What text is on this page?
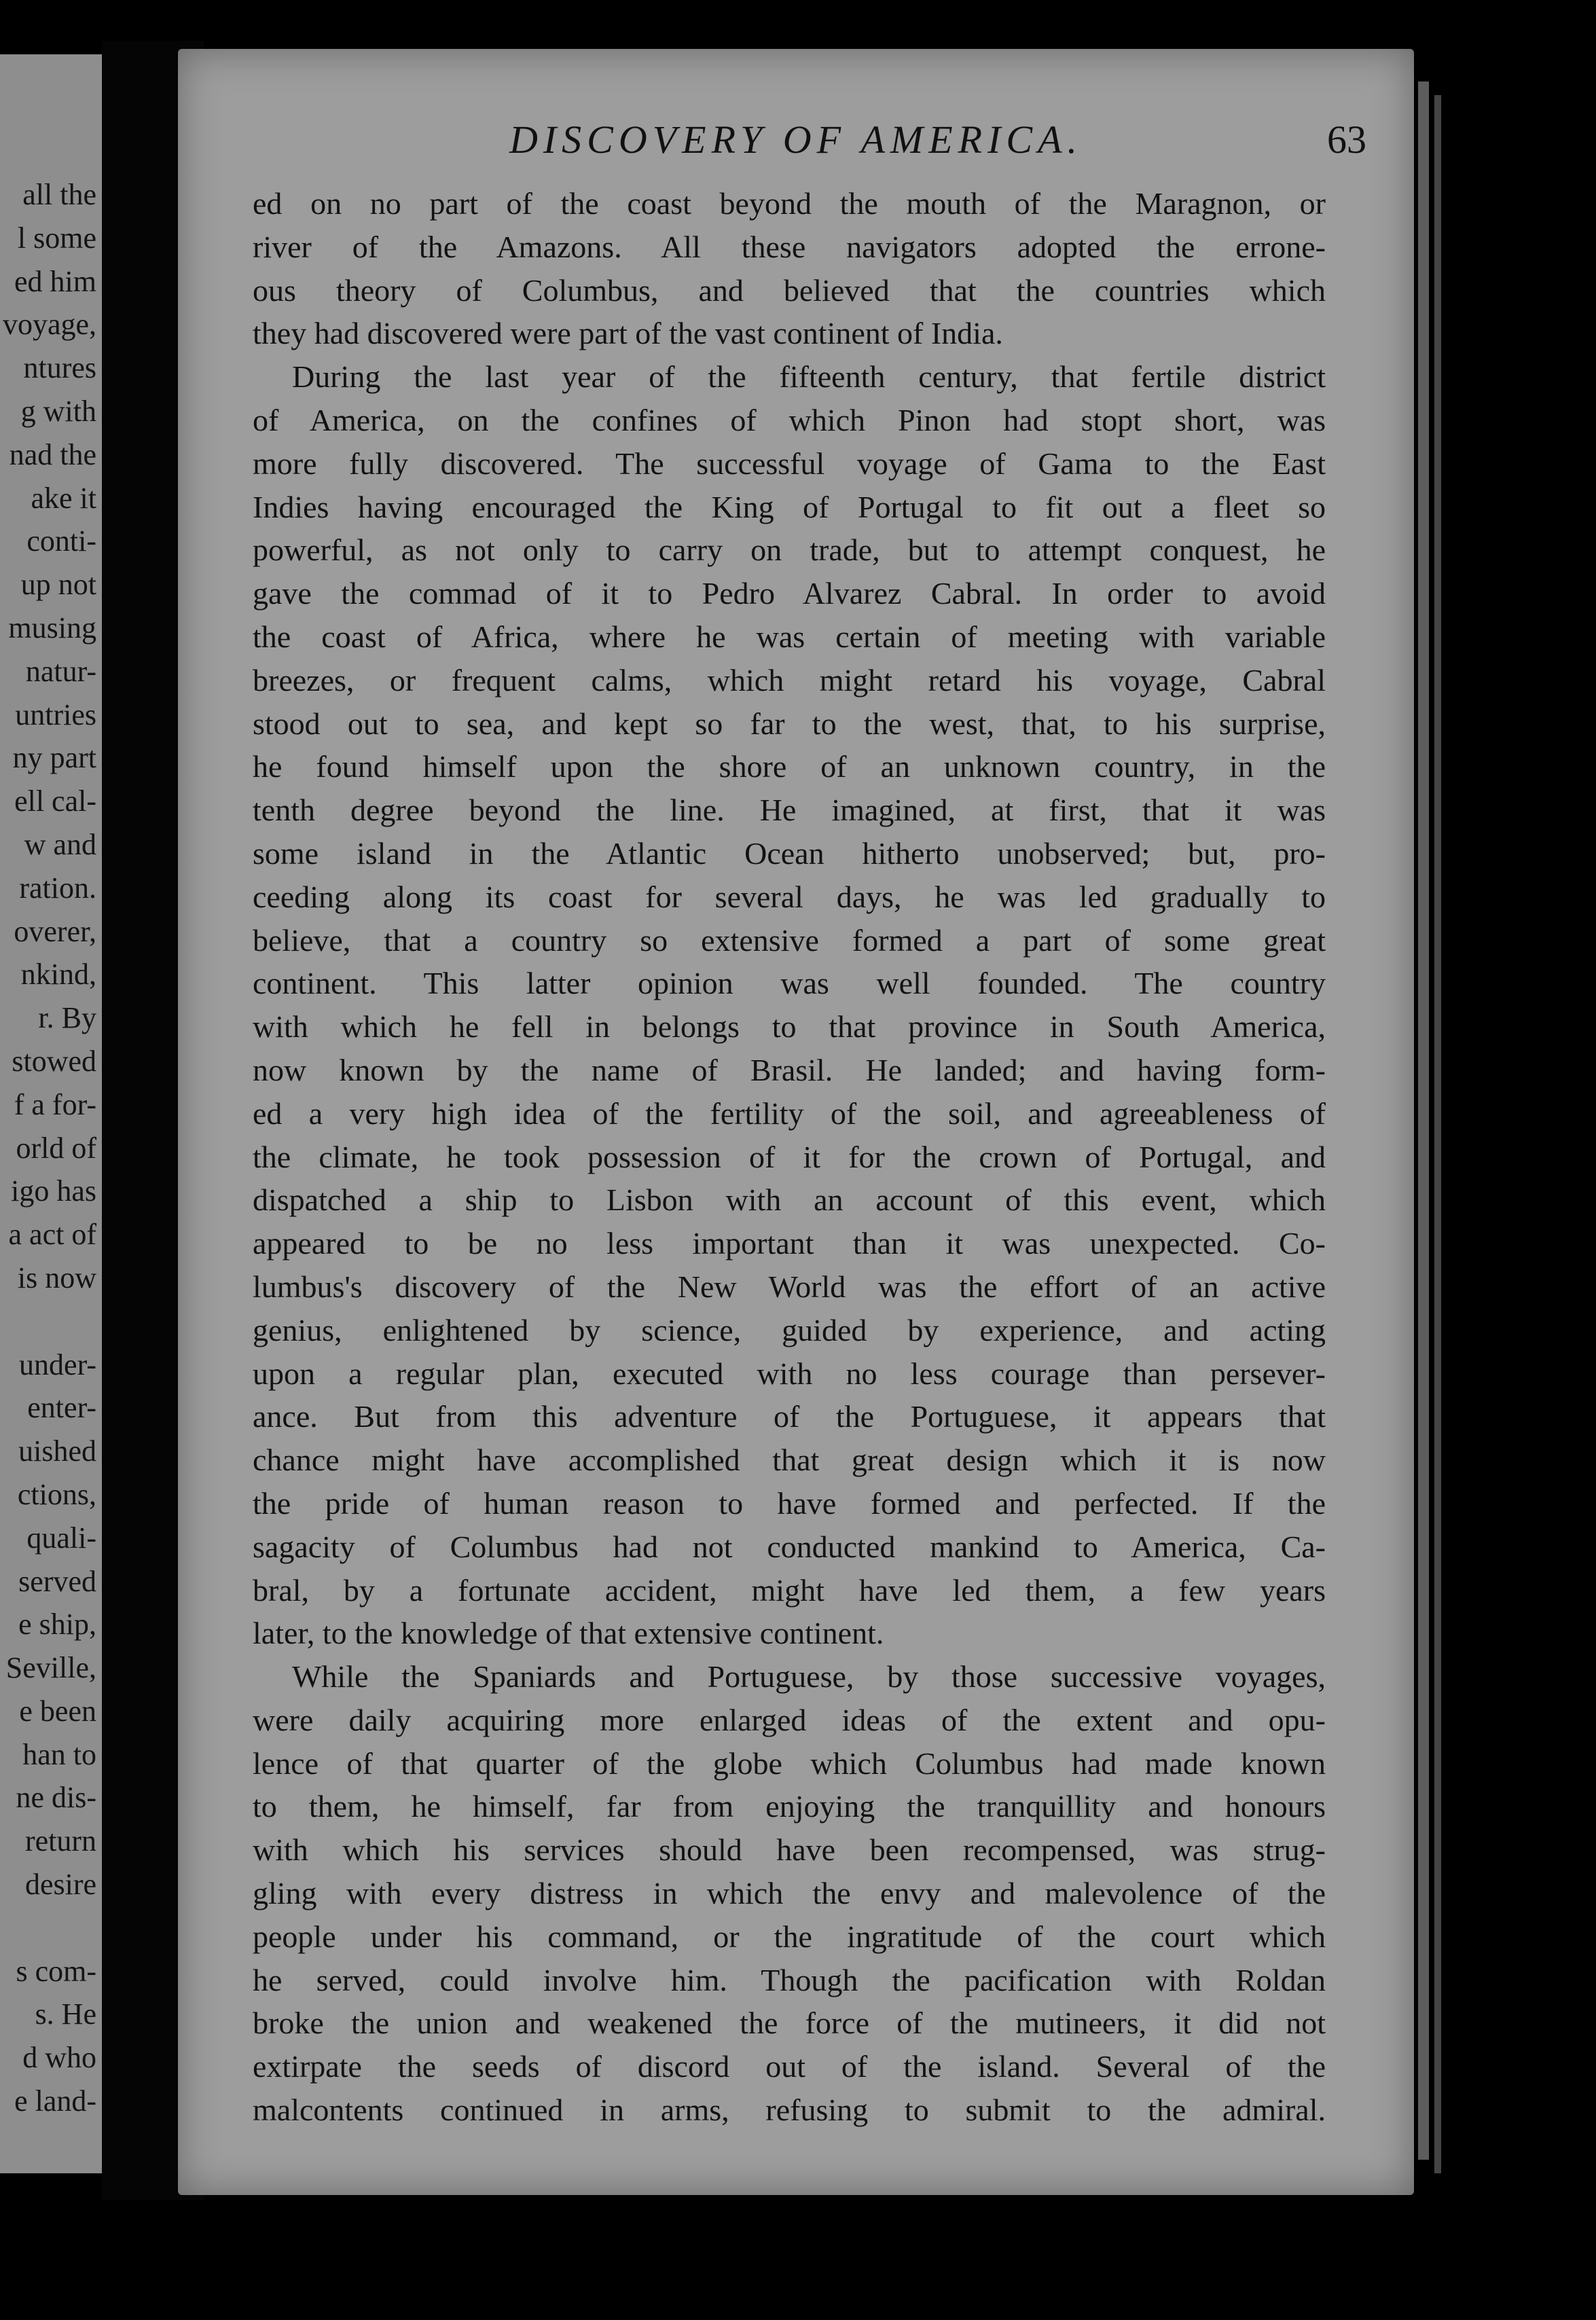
all the
l some
ed him
voyage,
ntures
g with
nad the
ake it
conti-
up not
musing
natur-
untries
ny part
ell cal-
w and
ration.
overer,
nkind,
r. By
stowed
f a for-
orld of
igo has
a act of
is now
under-
enter-
uished
ctions,
quali-
served
e ship,
Seville,
e been
han to
ne dis-
return
desire
s com-
s. He
d who
e land-
DISCOVERY OF AMERICA.	63
ed on no part of the coast beyond the mouth of the Maragnon, or
river of the Amazons. All these navigators adopted the errone-
ous theory of Columbus, and believed that the countries which
they had discovered were part of the vast continent of India.
During the last year of the fifteenth century, that fertile district
of America, on the confines of which Pinon had stopt short, was
more fully discovered. The successful voyage of Gama to the East
Indies having encouraged the King of Portugal to fit out a fleet so
powerful, as not only to carry on trade, but to attempt conquest, he
gave the commad of it to Pedro Alvarez Cabral. In order to avoid
the coast of Africa, where he was certain of meeting with variable
breezes, or frequent calms, which might retard his voyage, Cabral
stood out to sea, and kept so far to the west, that, to his surprise,
he found himself upon the shore of an unknown country, in the
tenth degree beyond the line. He imagined, at first, that it was
some island in the Atlantic Ocean hitherto unobserved; but, pro-
ceeding along its coast for several days, he was led gradually to
believe, that a country so extensive formed a part of some great
continent. This latter opinion was well founded. The country
with which he fell in belongs to that province in South America,
now known by the name of Brasil. He landed; and having form-
ed a very high idea of the fertility of the soil, and agreeableness of
the climate, he took possession of it for the crown of Portugal, and
dispatched a ship to Lisbon with an account of this event, which
appeared to be no less important than it was unexpected. Co-
lumbus's discovery of the New World was the effort of an active
genius, enlightened by science, guided by experience, and acting
upon a regular plan, executed with no less courage than persever-
ance. But from this adventure of the Portuguese, it appears that
chance might have accomplished that great design which it is now
the pride of human reason to have formed and perfected. If the
sagacity of Columbus had not conducted mankind to America, Ca-
bral, by a fortunate accident, might have led them, a few years
later, to the knowledge of that extensive continent.
While the Spaniards and Portuguese, by those successive voyages,
were daily acquiring more enlarged ideas of the extent and opu-
lence of that quarter of the globe which Columbus had made known
to them, he himself, far from enjoying the tranquillity and honours
with which his services should have been recompensed, was strug-
gling with every distress in which the envy and malevolence of the
people under his command, or the ingratitude of the court which
he served, could involve him. Though the pacification with Roldan
broke the union and weakened the force of the mutineers, it did not
extirpate the seeds of discord out of the island. Several of the
malcontents continued in arms, refusing to submit to the admiral.
